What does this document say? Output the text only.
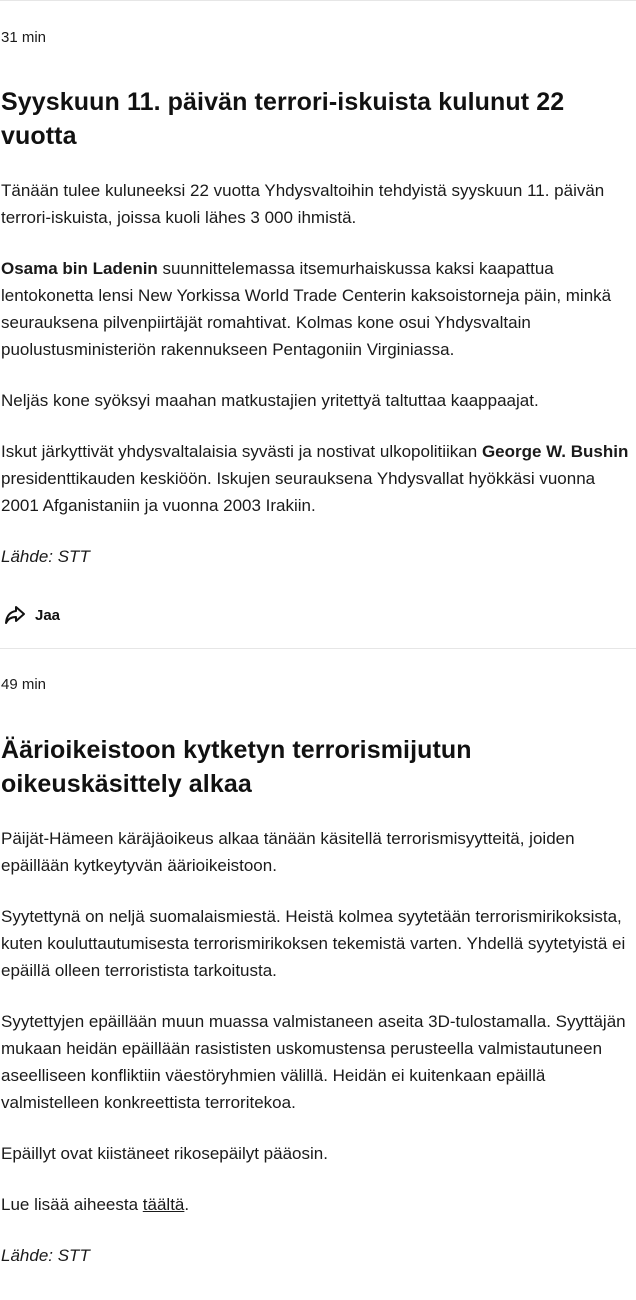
31 min

Syyskuun 11. päivän terrori-iskuista kulunut 22 vuotta

Tänään tulee kuluneeksi 22 vuotta Yhdysvaltoihin tehdyistä syyskuun 11. päivän terrori-iskuista, joissa kuoli lähes 3 000 ihmistä.

Osama bin Ladenin suunnittelemassa itsemurhaiskussa kaksi kaapattua lentokonetta lensi New Yorkissa World Trade Centerin kaksoistorneja päin, minkä seurauksena pilvenpiirtäjät romahtivat. Kolmas kone osui Yhdysvaltain puolustusministeriön rakennukseen Pentagoniin Virginiassa.

Neljäs kone syöksyi maahan matkustajien yritettyä taltuttaa kaappaajat.

Iskut järkyttivät yhdysvaltalaisia syvästi ja nostivat ulkopolitiikan George W. Bushin presidenttikauden keskiöön. Iskujen seurauksena Yhdysvallat hyökkäsi vuonna 2001 Afganistaniin ja vuonna 2003 Irakiin.

Lähde: STT

Jaa

49 min

Äärioikeistoon kytketyn terrorismijutun oikeuskäsittely alkaa

Päijät-Hämeen käräjäoikeus alkaa tänään käsitellä terrorismisyytteitä, joiden epäillään kytkeytyvän äärioikeistoon.

Syytettynä on neljä suomalaismiestä. Heistä kolmea syytetään terrorismirikoksista, kuten kouluttautumisesta terrorismirikoksen tekemistä varten. Yhdellä syytetyistä ei epäillä olleen terroristista tarkoitusta.

Syytettyjen epäillään muun muassa valmistaneen aseita 3D-tulostamalla. Syyttäjän mukaan heidän epäillään rasististen uskomustensa perusteella valmistautuneen aseelliseen konfliktiin väestöryhmien välillä. Heidän ei kuitenkaan epäillä valmistelleen konkreettista terroritekoa.

Epäillyt ovat kiistäneet rikosepäilyt pääosin.

Lue lisää aiheesta täältä.

Lähde: STT
